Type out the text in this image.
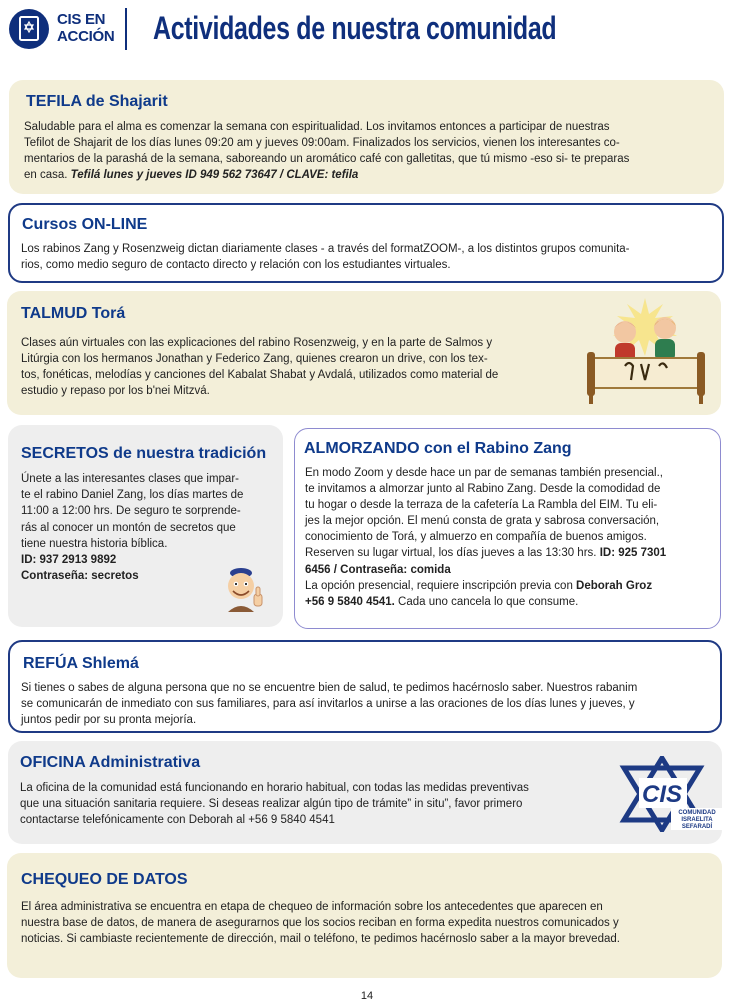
CIS EN
ACCIÓN Actividades de nuestra comunidad
TEFILA de Shajarit
Saludable para el alma es comenzar la semana con espiritualidad. Los invitamos entonces a participar de nuestras
Tefilot de Shajarit de los días lunes 09:20 am y jueves 09:00am. Finalizados los servicios, vienen los interesantes co-
mentarios de la parashá de la semana, saboreando un aromático café con galletitas, que tú mismo -eso si- te preparas
en casa. Tefilá lunes y jueves ID 949 562 73647 / CLAVE: tefila
Cursos ON-LINE
Los rabinos Zang y Rosenzweig dictan diariamente clases - a través del formatZOOM-, a los distintos grupos comunita-
rios, como medio seguro de contacto directo y relación con los estudiantes virtuales.
TALMUD Torá
Clases aún virtuales con las explicaciones del rabino Rosenzweig, y en la parte de Salmos y
Litúrgia con los hermanos Jonathan y Federico Zang, quienes crearon un drive, con los tex-
tos, fonéticas, melodías y canciones del Kabalat Shabat y Avdalá, utilizados como material de
estudio y repaso por los b'nei Mitzvá.
SECRETOS de nuestra tradición
Únete a las interesantes clases que impar-
te el rabino Daniel Zang, los días martes de
11:00 a 12:00 hrs. De seguro te sorprende-
rás al conocer un montón de secretos que
tiene nuestra historia bíblica.
ID: 937 2913 9892
Contraseña: secretos
ALMORZANDO con el Rabino Zang
En modo Zoom y desde hace un par de semanas también presencial.,
te invitamos a almorzar junto al Rabino Zang. Desde la comodidad de
tu hogar o desde la terraza de la cafetería La Rambla del EIM. Tu eli-
jes la mejor opción. El menú consta de grata y sabrosa conversación,
conocimiento de Torá, y almuerzo en compañía de buenos amigos.
Reserven su lugar virtual, los días jueves a las 13:30 hrs. ID: 925 7301
6456 / Contraseña: comida
La opción presencial, requiere inscripción previa con Deborah Groz
+56 9 5840 4541. Cada uno cancela lo que consume.
REFÚA Shlemá
Si tienes o sabes de alguna persona que no se encuentre bien de salud, te pedimos hacérnoslo saber. Nuestros rabanim
se comunicarán de inmediato con sus familiares, para así invitarlos a unirse a las oraciones de los días lunes y jueves, y
juntos pedir por su pronta mejoría.
OFICINA Administrativa
La oficina de la comunidad está funcionando en horario habitual, con todas las medidas preventivas
que una situación sanitaria requiere. Si deseas realizar algún tipo de trámite” in situ”, favor primero
contactarse telefónicamente con Deborah al +56 9 5840 4541
CIS
COMUNIDAD
ISRAELITA
SEFARADÍ
CHEQUEO DE DATOS
El área administrativa se encuentra en etapa de chequeo de información sobre los antecedentes que aparecen en
nuestra base de datos, de manera de asegurarnos que los socios reciban en forma expedita nuestros comunicados y
noticias. Si cambiaste recientemente de dirección, mail o teléfono, te pedimos hacérnoslo saber a la mayor brevedad.
14
